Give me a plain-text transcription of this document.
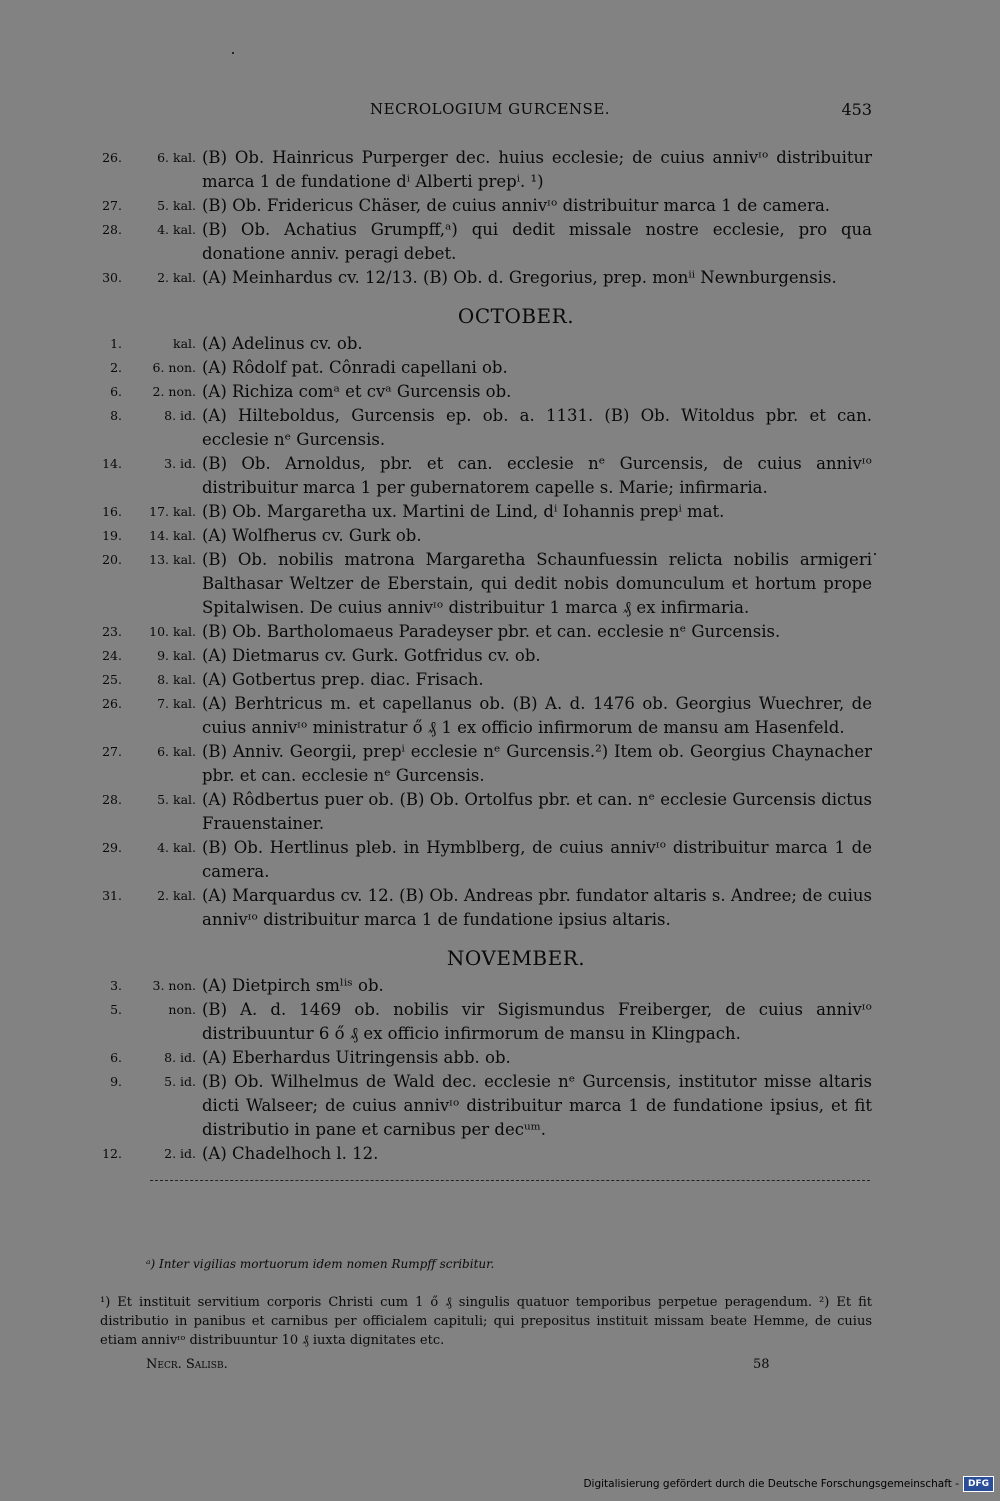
NECROLOGIUM GURCENSE.	453
26.	6. kal. (B) Ob. Hainricus Purperger dec. huius ecclesie; de cuius annivᶦᵒ distribuitur marca 1 de fundatione dⁱ Alberti prepⁱ. ¹)
27.	5. kal. (B) Ob. Fridericus Chäser, de cuius annivᶦᵒ distribuitur marca 1 de camera.
28.	4. kal. (B) Ob. Achatius Grumpff,ᵃ) qui dedit missale nostre ecclesie, pro qua donatione anniv. peragi debet.
30.	2. kal. (A) Meinhardus cv. 12/13. (B) Ob. d. Gregorius, prep. monⁱⁱ Newnburgensis.
OCTOBER.
1.	kal. (A) Adelinus cv. ob.
2.	6. non. (A) Rôdolf pat. Cônradi capellani ob.
6.	2. non. (A) Richiza comᵃ et cvᵃ Gurcensis ob.
8.	8. id. (A) Hilteboldus, Gurcensis ep. ob. a. 1131. (B) Ob. Witoldus pbr. et can. ecclesie nᵉ Gurcensis.
14.	3. id. (B) Ob. Arnoldus, pbr. et can. ecclesie nᵉ Gurcensis, de cuius annivᶦᵒ distribuitur marca 1 per gubernatorem capelle s. Marie; infirmaria.
16.	17. kal. (B) Ob. Margaretha ux. Martini de Lind, dⁱ Iohannis prepⁱ mat.
19.	14. kal. (A) Wolfherus cv. Gurk ob.
20.	13. kal. (B) Ob. nobilis matrona Margaretha Schaunfuessin relicta nobilis armigeri Balthasar Weltzer de Eberstain, qui dedit nobis domunculum et hortum prope Spitalwisen. De cuius annivᶦᵒ distribuitur 1 marca ₰ ex infirmaria.
23.	10. kal. (B) Ob. Bartholomaeus Paradeyser pbr. et can. ecclesie nᵉ Gurcensis.
24.	9. kal. (A) Dietmarus cv. Gurk. Gotfridus cv. ob.
25.	8. kal. (A) Gotbertus prep. diac. Frisach.
26.	7. kal. (A) Berhtricus m. et capellanus ob. (B) A. d. 1476 ob. Georgius Wuechrer, de cuius annivᶦᵒ ministratur ő ₰ 1 ex officio infirmorum de mansu am Hasenfeld.
27.	6. kal. (B) Anniv. Georgii, prepⁱ ecclesie nᵉ Gurcensis.²) Item ob. Georgius Chaynacher pbr. et can. ecclesie nᵉ Gurcensis.
28.	5. kal. (A) Rôdbertus puer ob. (B) Ob. Ortolfus pbr. et can. nᵉ ecclesie Gurcensis dictus Frauenstainer.
29.	4. kal. (B) Ob. Hertlinus pleb. in Hymblberg, de cuius annivᶦᵒ distribuitur marca 1 de camera.
31.	2. kal. (A) Marquardus cv. 12. (B) Ob. Andreas pbr. fundator altaris s. Andree; de cuius annivᶦᵒ distribuitur marca 1 de fundatione ipsius altaris.
NOVEMBER.
3.	3. non. (A) Dietpirch smˡⁱˢ ob.
5.	non. (B) A. d. 1469 ob. nobilis vir Sigismundus Freiberger, de cuius annivᶦᵒ distribuuntur 6 ő ₰ ex officio infirmorum de mansu in Klingpach.
6.	8. id. (A) Eberhardus Uitringensis abb. ob.
9.	5. id. (B) Ob. Wilhelmus de Wald dec. ecclesie nᵉ Gurcensis, institutor misse altaris dicti Walseer; de cuius annivᶦᵒ distribuitur marca 1 de fundatione ipsius, et fit distributio in pane et carnibus per decᵘᵐ.
12.	2. id. (A) Chadelhoch l. 12.
ᵃ) Inter vigilias mortuorum idem nomen Rumpff scribitur.
¹) Et instituit servitium corporis Christi cum 1 ő ₰ singulis quatuor temporibus perpetue peragendum. ²) Et fit distributio in panibus et carnibus per officialem capituli; qui prepositus instituit missam beate Hemme, de cuius etiam annivᶦᵒ distribuuntur 10 ₰ iuxta dignitates etc.
Necr. Salisb.	58
Digitalisierung gefördert durch die Deutsche Forschungsgemeinschaft -	DFG
